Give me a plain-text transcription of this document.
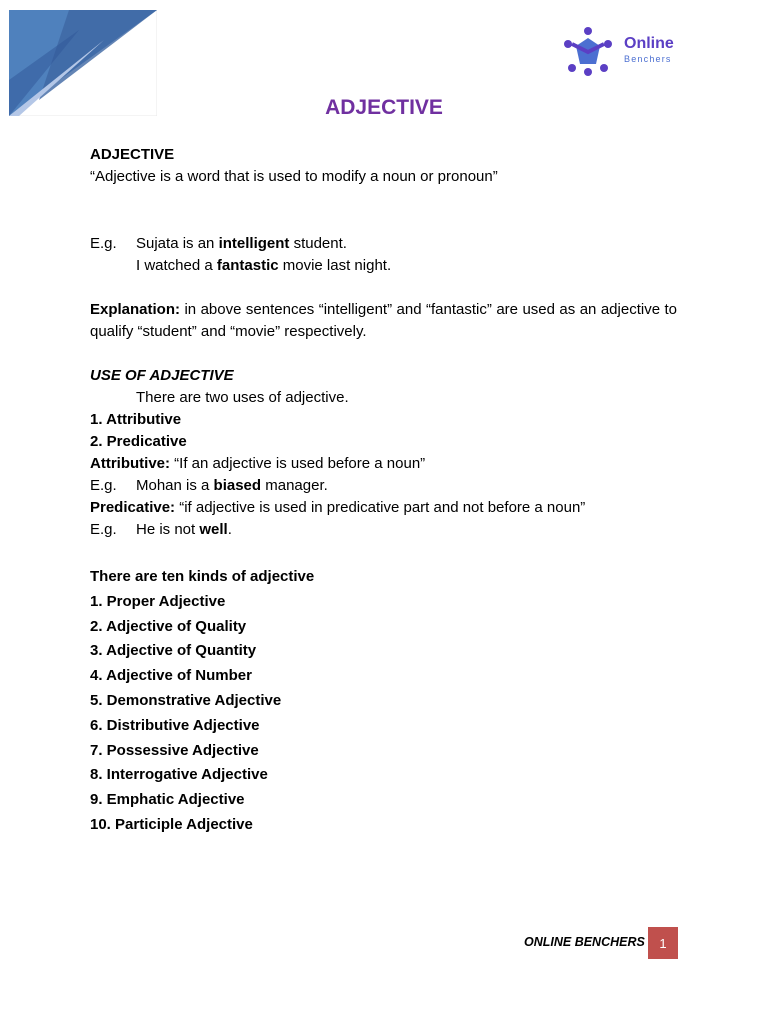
Online
Benchers
ADJECTIVE
ADJECTIVE
“Adjective is a word that is used to modify a noun or pronoun”
E.g. Sujata is an intelligent student.
I watched a fantastic movie last night.
Explanation: in above sentences “intelligent” and “fantastic” are used as an adjective to qualify “student” and “movie” respectively.
USE OF ADJECTIVE
There are two uses of adjective.
1. Attributive
2. Predicative
Attributive: “If an adjective is used before a noun”
E.g. Mohan is a biased manager.
Predicative: “if adjective is used in predicative part and not before a noun”
E.g. He is not well.
There are ten kinds of adjective
1. Proper Adjective
2. Adjective of Quality
3. Adjective of Quantity
4. Adjective of Number
5. Demonstrative Adjective
6. Distributive Adjective
7. Possessive Adjective
8. Interrogative Adjective
9. Emphatic Adjective
10. Participle Adjective
ONLINE BENCHERS	1
